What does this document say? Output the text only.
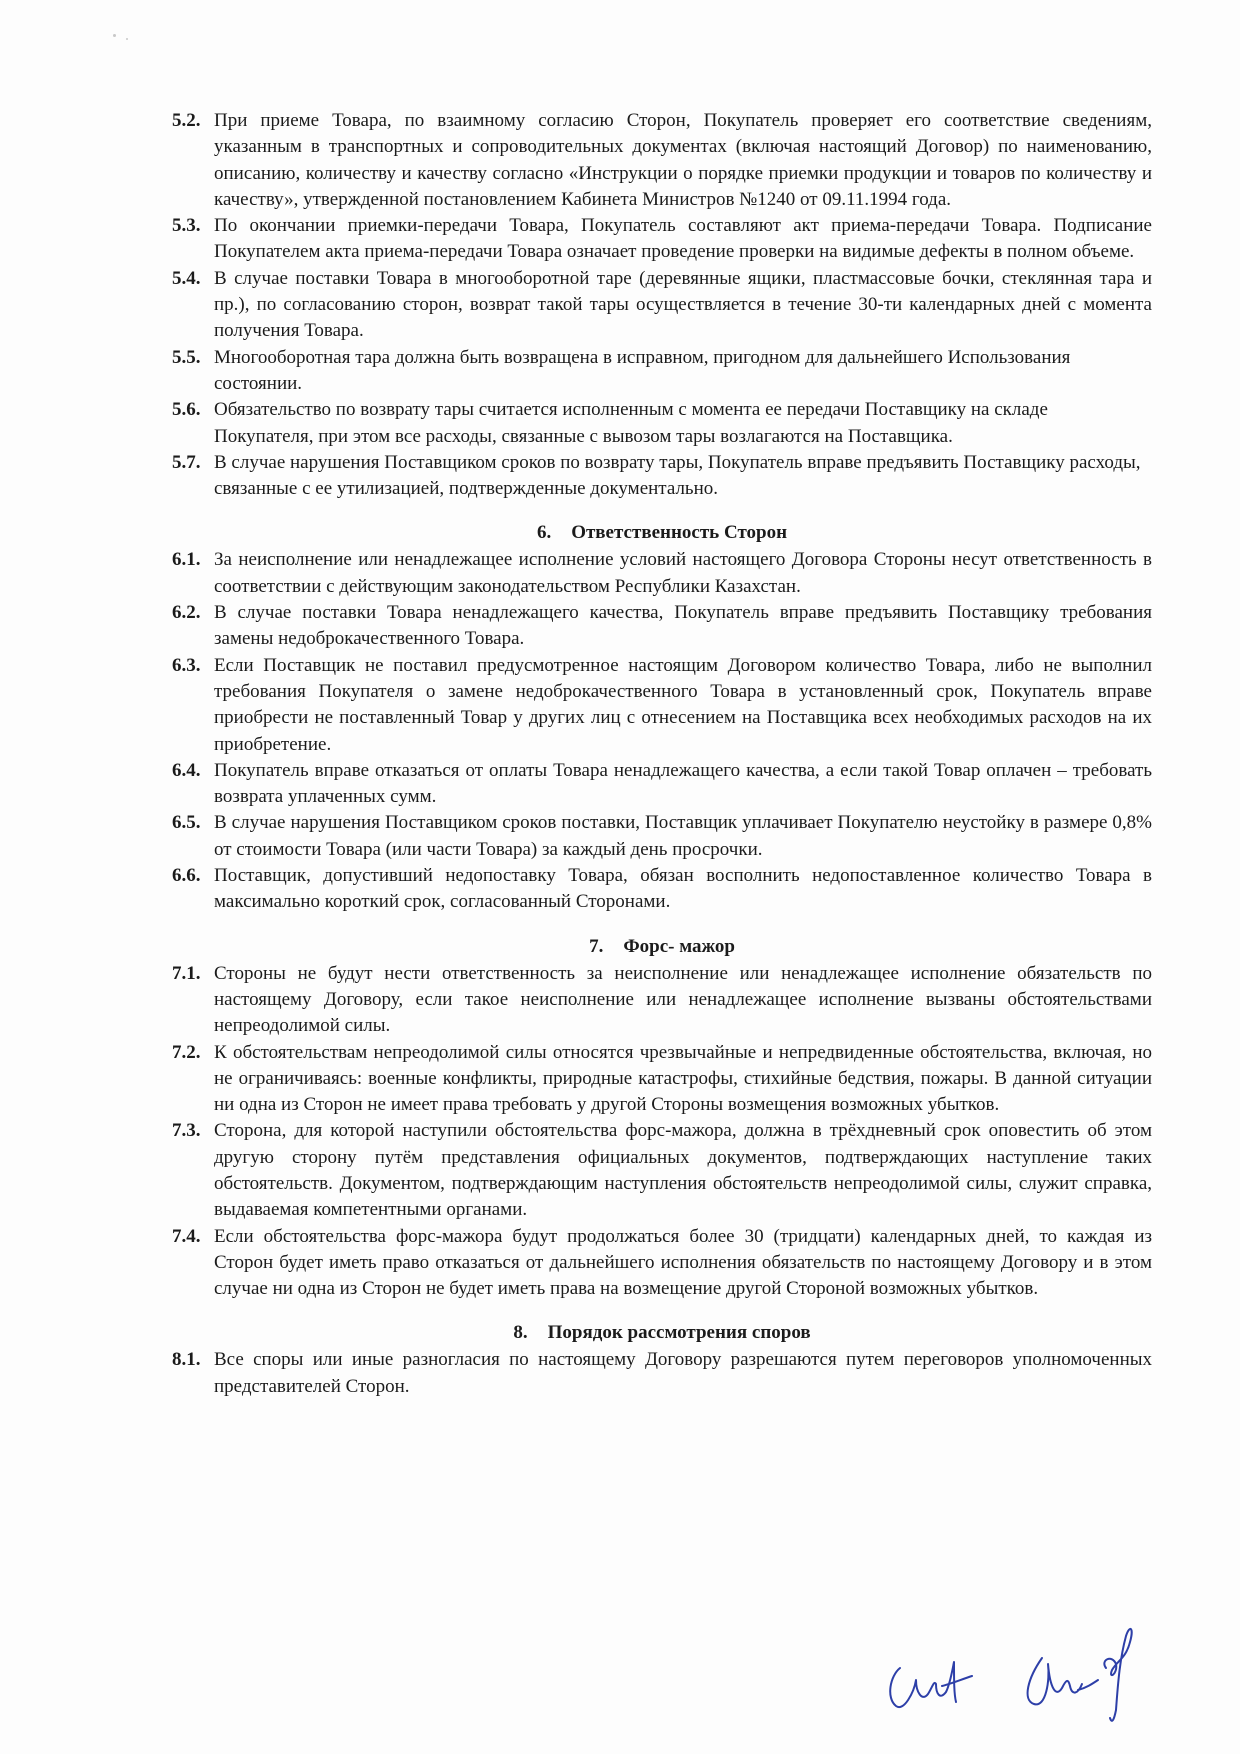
5.2. При приеме Товара, по взаимному согласию Сторон, Покупатель проверяет его соответствие сведениям, указанным в транспортных и сопроводительных документах (включая настоящий Договор) по наименованию, описанию, количеству и качеству согласно «Инструкции о порядке приемки продукции и товаров по количеству и качеству», утвержденной постановлением Кабинета Министров №1240 от 09.11.1994 года.
5.3. По окончании приемки-передачи Товара, Покупатель составляют акт приема-передачи Товара. Подписание Покупателем акта приема-передачи Товара означает проведение проверки на видимые дефекты в полном объеме.
5.4. В случае поставки Товара в многооборотной таре (деревянные ящики, пластмассовые бочки, стеклянная тара и пр.), по согласованию сторон, возврат такой тары осуществляется в течение 30-ти календарных дней с момента получения Товара.
5.5. Многооборотная тара должна быть возвращена в исправном, пригодном для дальнейшего Использования состоянии.
5.6. Обязательство по возврату тары считается исполненным с момента ее передачи Поставщику на складе Покупателя, при этом все расходы, связанные с вывозом тары возлагаются на Поставщика.
5.7. В случае нарушения Поставщиком сроков по возврату тары, Покупатель вправе предъявить Поставщику расходы, связанные с ее утилизацией, подтвержденные документально.
6. Ответственность Сторон
6.1. За неисполнение или ненадлежащее исполнение условий настоящего Договора Стороны несут ответственность в соответствии с действующим законодательством Республики Казахстан.
6.2. В случае поставки Товара ненадлежащего качества, Покупатель вправе предъявить Поставщику требования замены недоброкачественного Товара.
6.3. Если Поставщик не поставил предусмотренное настоящим Договором количество Товара, либо не выполнил требования Покупателя о замене недоброкачественного Товара в установленный срок, Покупатель вправе приобрести не поставленный Товар у других лиц с отнесением на Поставщика всех необходимых расходов на их приобретение.
6.4. Покупатель вправе отказаться от оплаты Товара ненадлежащего качества, а если такой Товар оплачен – требовать возврата уплаченных сумм.
6.5. В случае нарушения Поставщиком сроков поставки, Поставщик уплачивает Покупателю неустойку в размере 0,8% от стоимости Товара (или части Товара) за каждый день просрочки.
6.6. Поставщик, допустивший недопоставку Товара, обязан восполнить недопоставленное количество Товара в максимально короткий срок, согласованный Сторонами.
7. Форс- мажор
7.1. Стороны не будут нести ответственность за неисполнение или ненадлежащее исполнение обязательств по настоящему Договору, если такое неисполнение или ненадлежащее исполнение вызваны обстоятельствами непреодолимой силы.
7.2. К обстоятельствам непреодолимой силы относятся чрезвычайные и непредвиденные обстоятельства, включая, но не ограничиваясь: военные конфликты, природные катастрофы, стихийные бедствия, пожары. В данной ситуации ни одна из Сторон не имеет права требовать у другой Стороны возмещения возможных убытков.
7.3. Сторона, для которой наступили обстоятельства форс-мажора, должна в трёхдневный срок оповестить об этом другую сторону путём представления официальных документов, подтверждающих наступление таких обстоятельств. Документом, подтверждающим наступления обстоятельств непреодолимой силы, служит справка, выдаваемая компетентными органами.
7.4. Если обстоятельства форс-мажора будут продолжаться более 30 (тридцати) календарных дней, то каждая из Сторон будет иметь право отказаться от дальнейшего исполнения обязательств по настоящему Договору и в этом случае ни одна из Сторон не будет иметь права на возмещение другой Стороной возможных убытков.
8. Порядок рассмотрения споров
8.1. Все споры или иные разногласия по настоящему Договору разрешаются путем переговоров уполномоченных представителей Сторон.
